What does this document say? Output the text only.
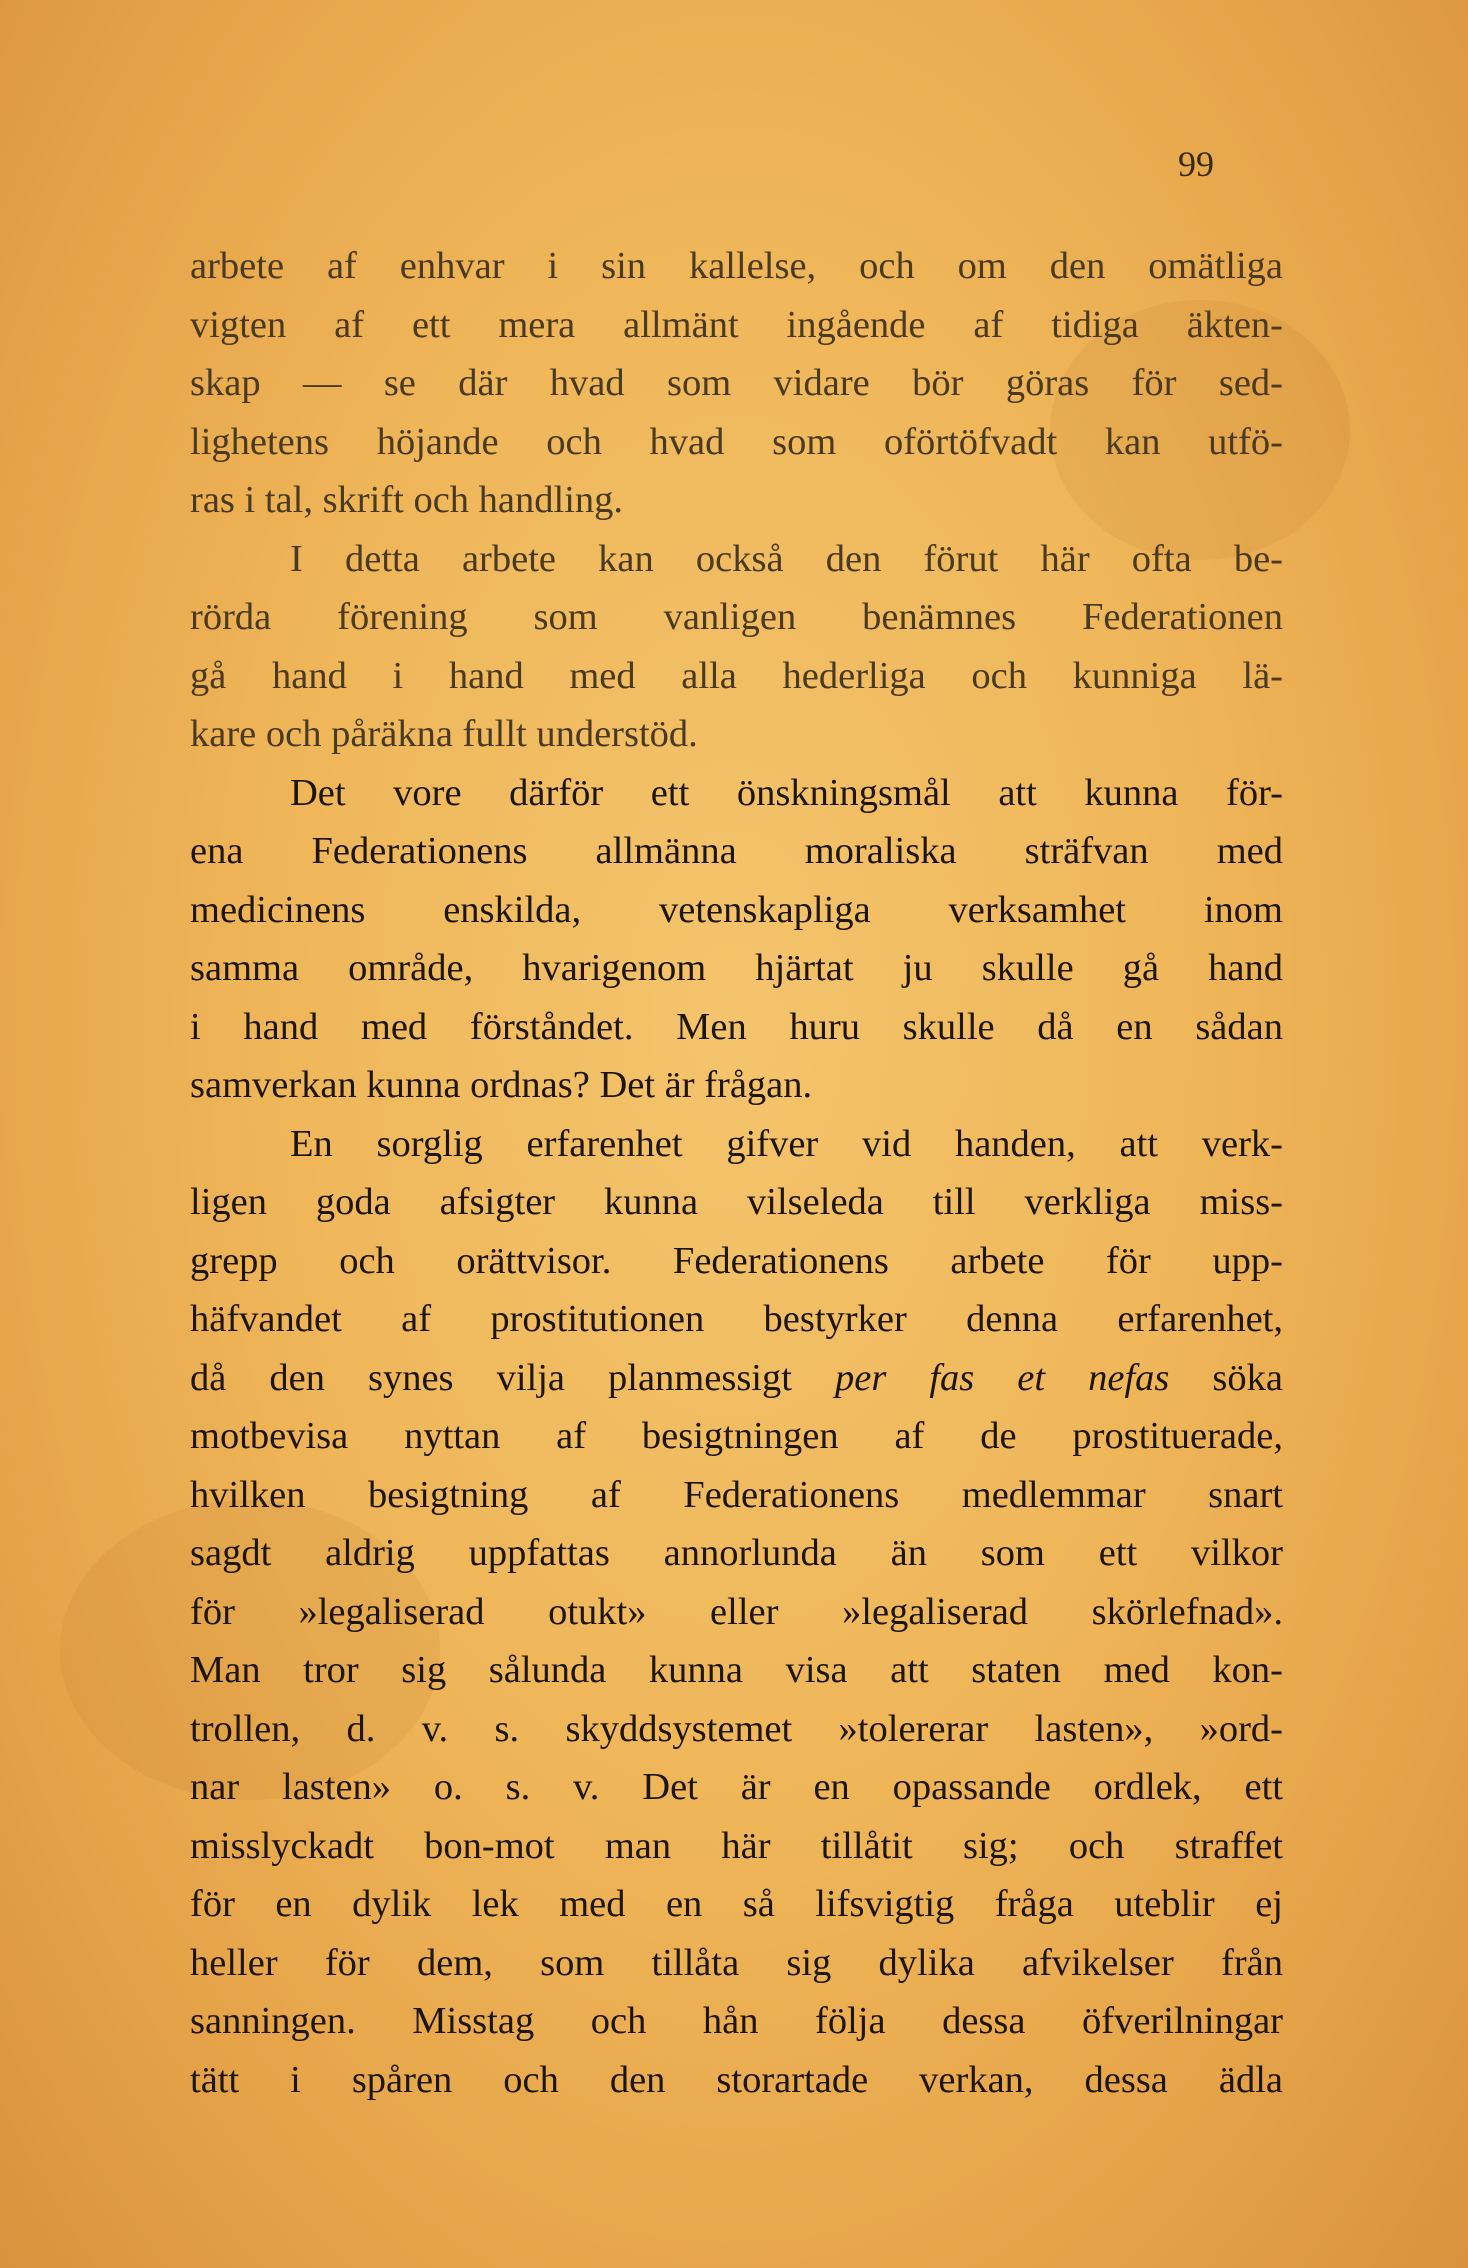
99

arbete af enhvar i sin kallelse, och om den omätliga
vigten af ett mera allmänt ingående af tidiga äkten-
skap — se där hvad som vidare bör göras för sed-
lighetens höjande och hvad som oförtöfvadt kan utfö-
ras i tal, skrift och handling.
I detta arbete kan också den förut här ofta be-
rörda förening som vanligen benämnes Federationen
gå hand i hand med alla hederliga och kunniga lä-
kare och påräkna fullt understöd.
Det vore därför ett önskningsmål att kunna för-
ena Federationens allmänna moraliska sträfvan med
medicinens enskilda, vetenskapliga verksamhet inom
samma område, hvarigenom hjärtat ju skulle gå hand
i hand med förståndet. Men huru skulle då en sådan
samverkan kunna ordnas? Det är frågan.
En sorglig erfarenhet gifver vid handen, att verk-
ligen goda afsigter kunna vilseleda till verkliga miss-
grepp och orättvisor. Federationens arbete för upp-
häfvandet af prostitutionen bestyrker denna erfarenhet,
då den synes vilja planmessigt per fas et nefas söka
motbevisa nyttan af besigtningen af de prostituerade,
hvilken besigtning af Federationens medlemmar snart
sagdt aldrig uppfattas annorlunda än som ett vilkor
för »legaliserad otukt» eller »legaliserad skörlefnad».
Man tror sig sålunda kunna visa att staten med kon-
trollen, d. v. s. skyddsystemet »tolererar lasten», »ord-
nar lasten» o. s. v. Det är en opassande ordlek, ett
misslyckadt bon-mot man här tillåtit sig; och straffet
för en dylik lek med en så lifsvigtig fråga uteblir ej
heller för dem, som tillåta sig dylika afvikelser från
sanningen. Misstag och hån följa dessa öfverilningar
tätt i spåren och den storartade verkan, dessa ädla
